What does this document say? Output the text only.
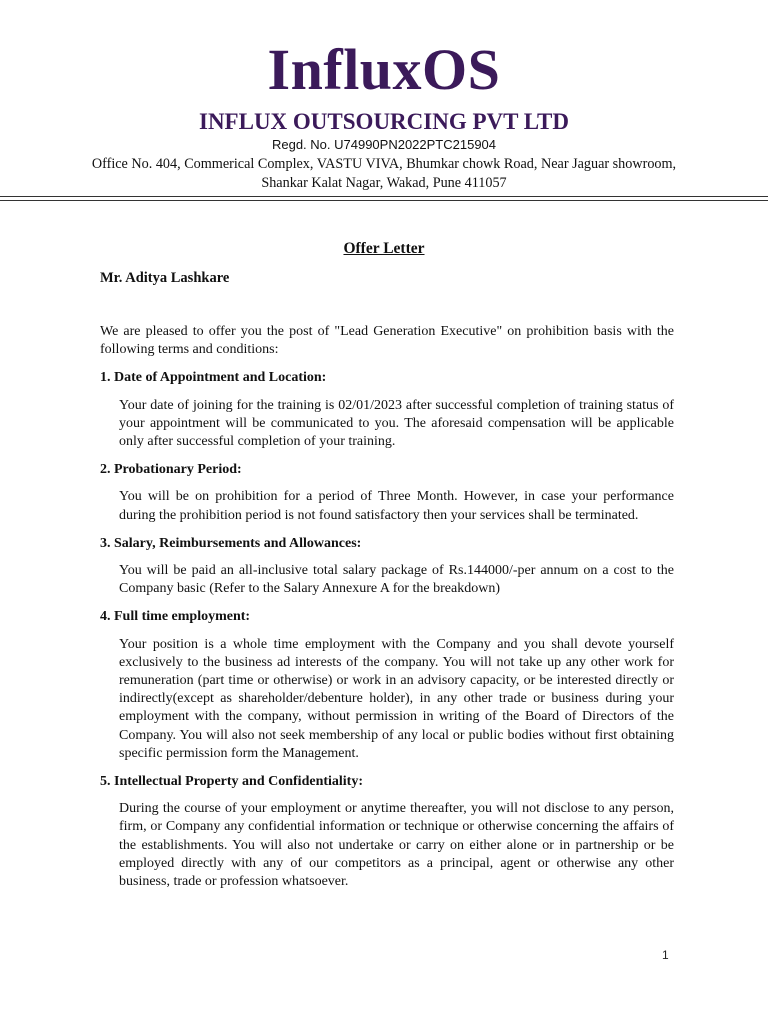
InfluxOS
INFLUX OUTSOURCING PVT LTD
Regd. No. U74990PN2022PTC215904
Office No. 404, Commerical Complex, VASTU VIVA, Bhumkar chowk Road, Near Jaguar showroom, Shankar Kalat Nagar, Wakad, Pune 411057
Offer Letter
Mr. Aditya Lashkare

We are pleased to offer you the post of "Lead Generation Executive" on prohibition basis with the following terms and conditions:

1. Date of Appointment and Location:

Your date of joining for the training is 02/01/2023 after successful completion of training status of your appointment will be communicated to you. The aforesaid compensation will be applicable only after successful completion of your training.

2. Probationary Period:

You will be on prohibition for a period of Three Month. However, in case your performance during the prohibition period is not found satisfactory then your services shall be terminated.

3. Salary, Reimbursements and Allowances:

You will be paid an all-inclusive total salary package of Rs.144000/-per annum on a cost to the Company basic (Refer to the Salary Annexure A for the breakdown)

4. Full time employment:

Your position is a whole time employment with the Company and you shall devote yourself exclusively to the business ad interests of the company. You will not take up any other work for remuneration (part time or otherwise) or work in an advisory capacity, or be interested directly or indirectly(except as shareholder/debenture holder), in any other trade or business during your employment with the company, without permission in writing of the Board of Directors of the Company. You will also not seek membership of any local or public bodies without first obtaining specific permission form the Management.

5. Intellectual Property and Confidentiality:

During the course of your employment or anytime thereafter, you will not disclose to any person, firm, or Company any confidential information or technique or otherwise concerning the affairs of the establishments. You will also not undertake or carry on either alone or in partnership or be employed directly with any of our competitors as a principal, agent or otherwise any other business, trade or profession whatsoever.

1
